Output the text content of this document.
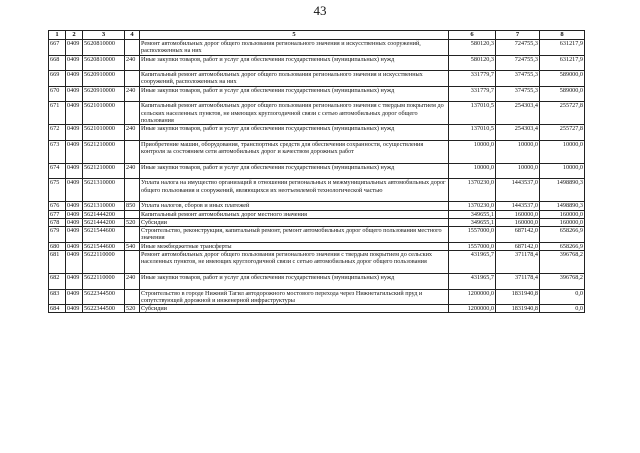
43
1	2	3	4	5	6	7	8
667	0409	5620810000		Ремонт автомобильных дорог общего пользования регионального значения и искусственных сооружений, расположенных на них	580120,3	724755,3	631217,9
668	0409	5620810000	240	Иные закупки товаров, работ и услуг для обеспечения государственных (муниципальных) нужд	580120,3	724755,3	631217,9
669	0409	5620910000		Капитальный ремонт автомобильных дорог общего пользования регионального значения и искусственных сооружений, расположенных на них	331779,7	374755,3	589000,0
670	0409	5620910000	240	Иные закупки товаров, работ и услуг для обеспечения государственных (муниципальных) нужд	331779,7	374755,3	589000,0
671	0409	5621010000		Капитальный ремонт автомобильных дорог общего пользования регионального значения с твердым покрытием до сельских населенных пунктов, не имеющих круглогодичной связи с сетью автомобильных дорог общего пользования	137010,5	254303,4	255727,8
672	0409	5621010000	240	Иные закупки товаров, работ и услуг для обеспечения государственных (муниципальных) нужд	137010,5	254303,4	255727,8
673	0409	5621210000		Приобретение машин, оборудования, транспортных средств для обеспечения сохранности, осуществления контроля за состоянием сети автомобильных дорог и качеством дорожных работ	10000,0	10000,0	10000,0
674	0409	5621210000	240	Иные закупки товаров, работ и услуг для обеспечения государственных (муниципальных) нужд	10000,0	10000,0	10000,0
675	0409	5621310000		Уплата налога на имущество организаций в отношении региональных и межмуниципальных автомобильных дорог общего пользования и сооружений, являющихся их неотъемлемой технологической частью	1370230,0	1443537,0	1498890,3
676	0409	5621310000	850	Уплата налогов, сборов и иных платежей	1370230,0	1443537,0	1498890,3
677	0409	5621444200		Капитальный ремонт автомобильных дорог местного значения	349655,1	160000,0	160000,0
678	0409	5621444200	520	Субсидии	349655,1	160000,0	160000,0
679	0409	5621544600		Строительство, реконструкция, капитальный ремонт, ремонт автомобильных дорог общего пользования местного значения	1557000,0	687142,0	658266,9
680	0409	5621544600	540	Иные межбюджетные трансферты	1557000,0	687142,0	658266,9
681	0409	5622110000		Ремонт автомобильных дорог общего пользования регионального значения с твердым покрытием до сельских населенных пунктов, не имеющих круглогодичной связи с сетью автомобильных дорог общего пользования	431965,7	371178,4	396768,2
682	0409	5622110000	240	Иные закупки товаров, работ и услуг для обеспечения государственных (муниципальных) нужд	431965,7	371178,4	396768,2
683	0409	5622344500		Строительство в городе Нижний Тагил автодорожного мостового перехода через Нижнетагильский пруд и сопутствующей дорожной и инженерной инфраструктуры	1200000,0	1831940,8	0,0
684	0409	5622344500	520	Субсидии	1200000,0	1831940,8	0,0
